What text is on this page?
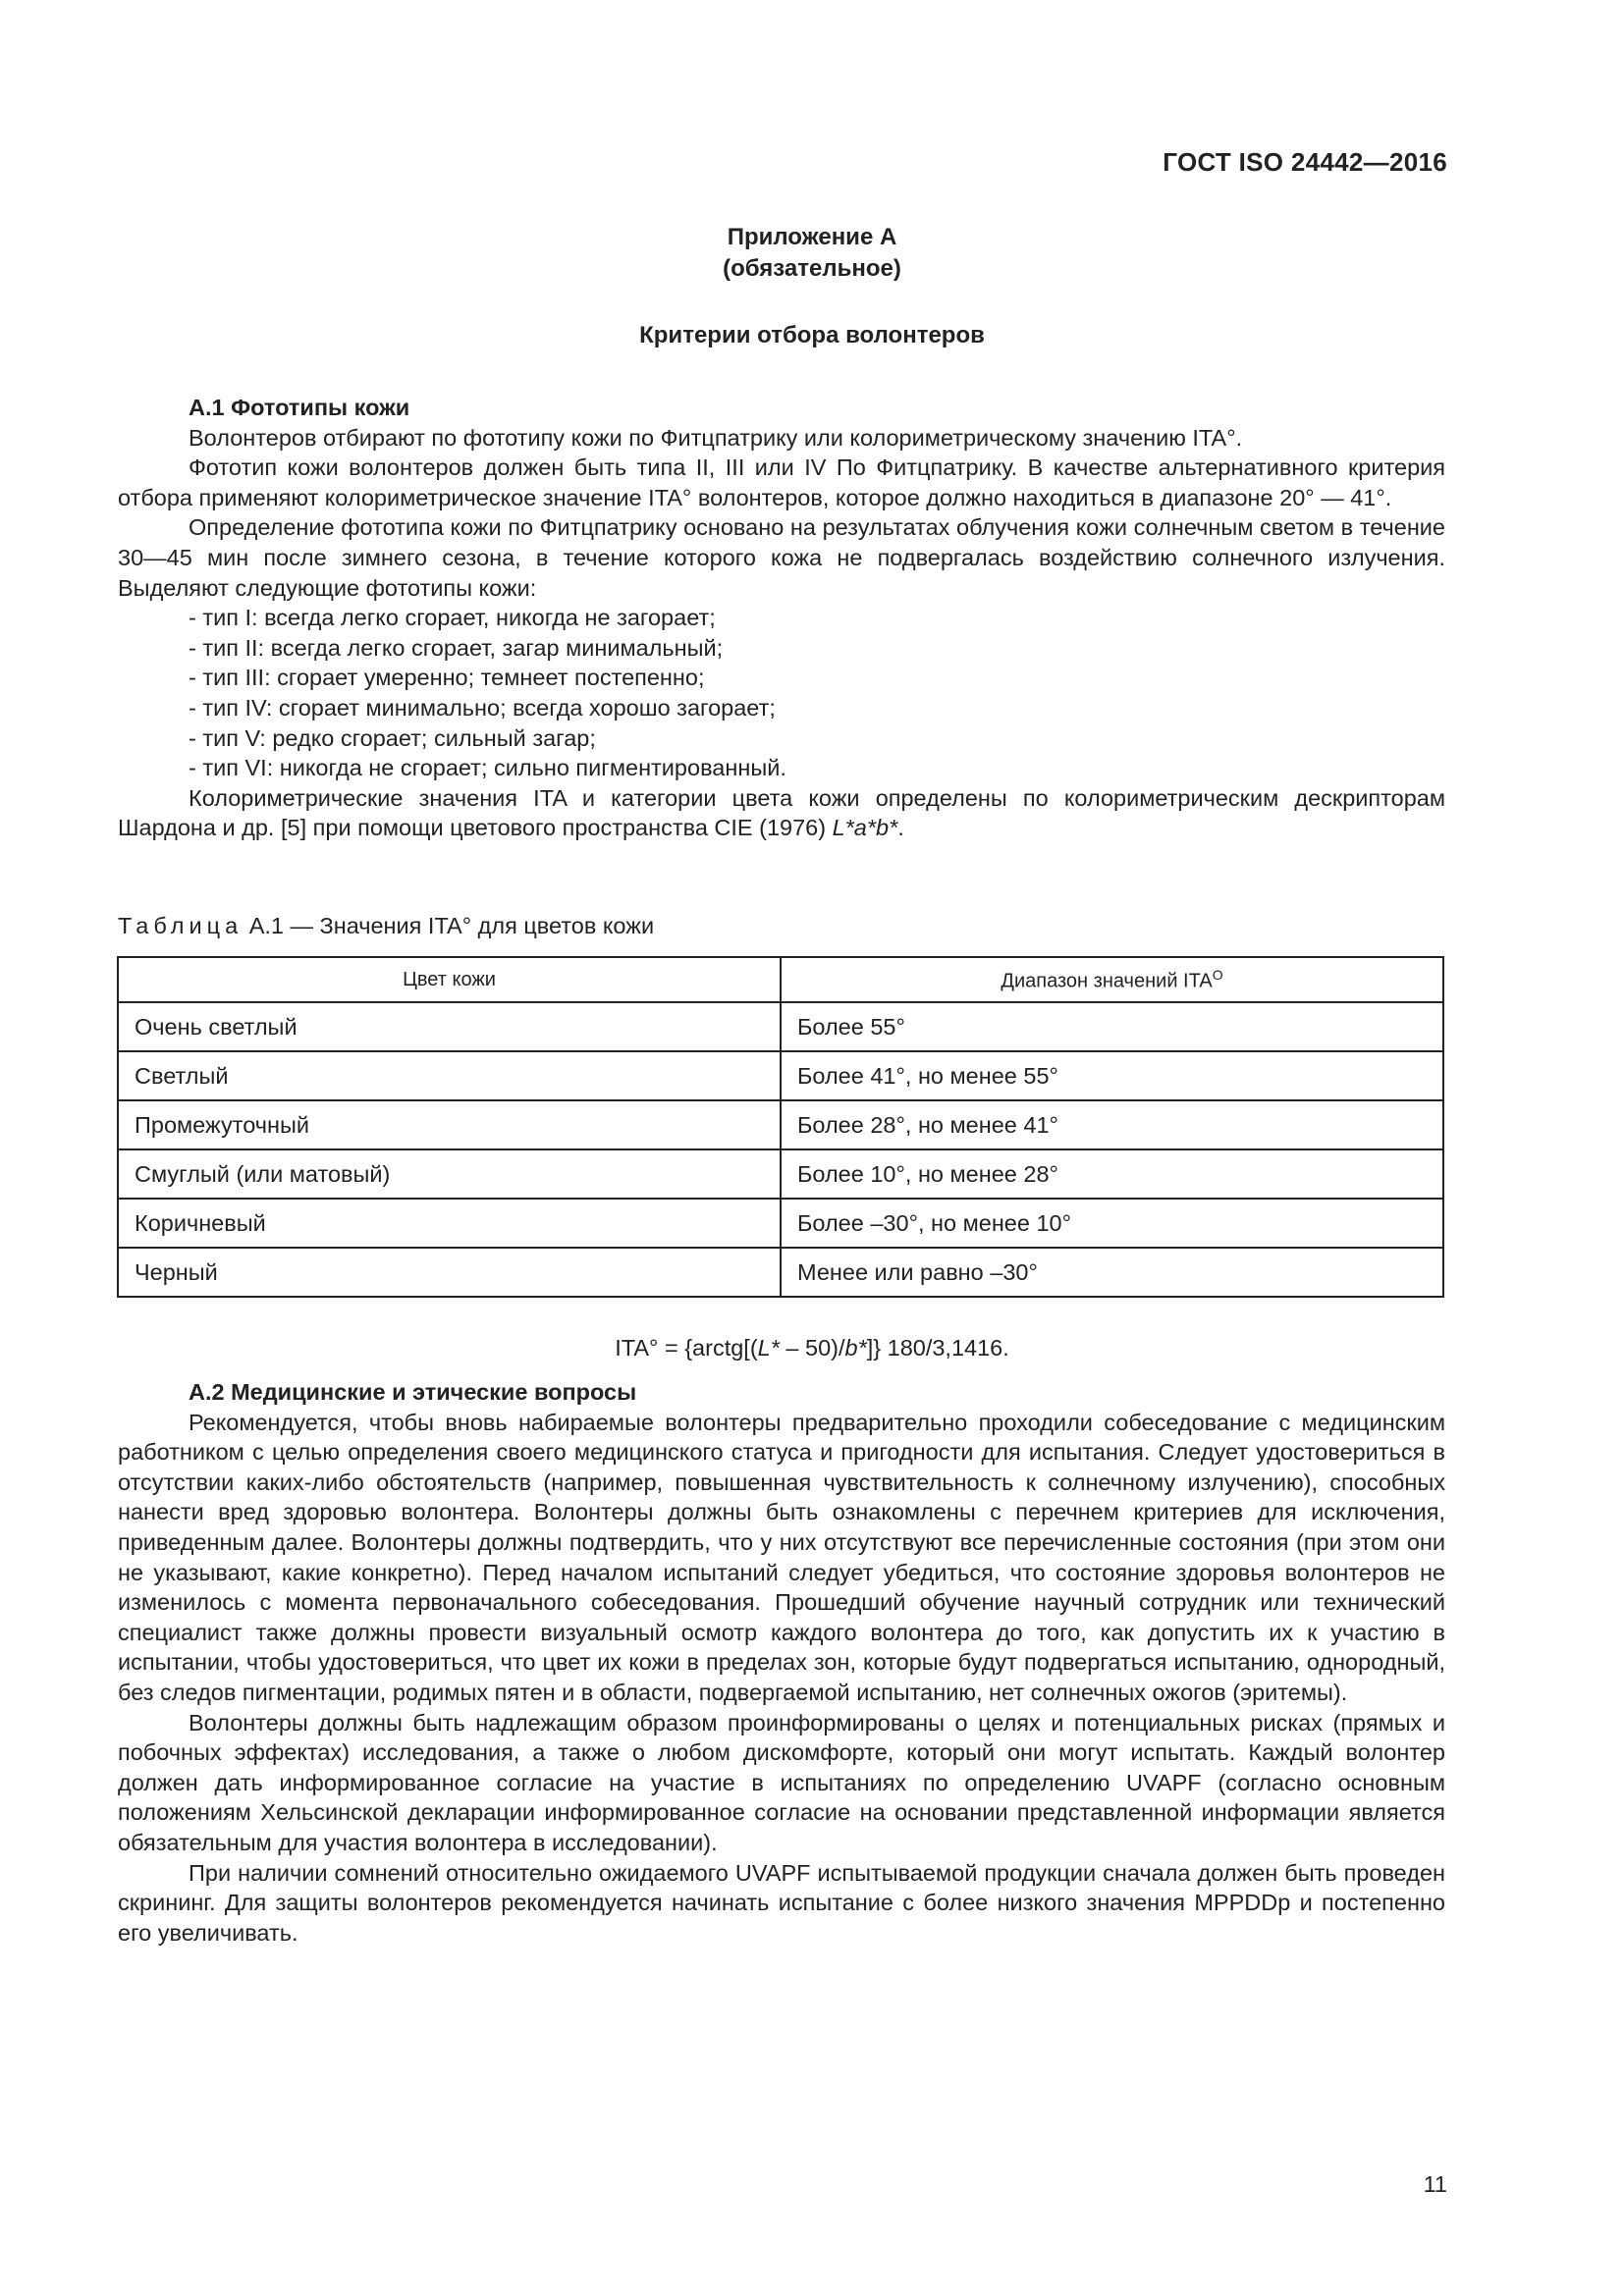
ГОСТ ISO 24442—2016
Приложение А
(обязательное)
Критерии отбора волонтеров

А.1 Фототипы кожи

Волонтеров отбирают по фототипу кожи по Фитцпатрику или колориметрическому значению ITA°.

Фототип кожи волонтеров должен быть типа II, III или IV По Фитцпатрику. В качестве альтернативного критерия отбора применяют колориметрическое значение ITA° волонтеров, которое должно находиться в диапазоне 20° — 41°.

Определение фототипа кожи по Фитцпатрику основано на результатах облучения кожи солнечным светом в течение 30—45 мин после зимнего сезона, в течение которого кожа не подвергалась воздействию солнечного излучения. Выделяют следующие фототипы кожи:

- тип I: всегда легко сгорает, никогда не загорает;

- тип II: всегда легко сгорает, загар минимальный;

- тип III: сгорает умеренно; темнеет постепенно;

- тип IV: сгорает минимально; всегда хорошо загорает;

- тип V: редко сгорает; сильный загар;

- тип VI: никогда не сгорает; сильно пигментированный.

Колориметрические значения ITA и категории цвета кожи определены по колориметрическим дескрипторам Шардона и др. [5] при помощи цветового пространства CIE (1976) L*a*b*.

Таблица А.1 — Значения ITA° для цветов кожи
Цвет кожи	Диапазон значений $ITA^O$
Очень светлый	Более 55°
Светлый	Более 41°, но менее 55°
Промежуточный	Более 28°, но менее 41°
Смуглый (или матовый)	Более 10°, но менее 28°
Коричневый	Более –30°, но менее 10°
Черный	Менее или равно –30°
ITA° = {arctg[(L* – 50)/b*]} 180/3,1416.

А.2 Медицинские и этические вопросы

Рекомендуется, чтобы вновь набираемые волонтеры предварительно проходили собеседование с медицинским работником с целью определения своего медицинского статуса и пригодности для испытания. Следует удостовериться в отсутствии каких-либо обстоятельств (например, повышенная чувствительность к солнечному излучению), способных нанести вред здоровью волонтера. Волонтеры должны быть ознакомлены с перечнем критериев для исключения, приведенным далее. Волонтеры должны подтвердить, что у них отсутствуют все перечисленные состояния (при этом они не указывают, какие конкретно). Перед началом испытаний следует убедиться, что состояние здоровья волонтеров не изменилось с момента первоначального собеседования. Прошедший обучение научный сотрудник или технический специалист также должны провести визуальный осмотр каждого волонтера до того, как допустить их к участию в испытании, чтобы удостовериться, что цвет их кожи в пределах зон, которые будут подвергаться испытанию, однородный, без следов пигментации, родимых пятен и в области, подвергаемой испытанию, нет солнечных ожогов (эритемы).

Волонтеры должны быть надлежащим образом проинформированы о целях и потенциальных рисках (прямых и побочных эффектах) исследования, а также о любом дискомфорте, который они могут испытать. Каждый волонтер должен дать информированное согласие на участие в испытаниях по определению UVAPF (согласно основным положениям Хельсинской декларации информированное согласие на основании представленной информации является обязательным для участия волонтера в исследовании).

При наличии сомнений относительно ожидаемого UVAPF испытываемой продукции сначала должен быть проведен скрининг. Для защиты волонтеров рекомендуется начинать испытание с более низкого значения MPPDDp и постепенно его увеличивать.

11
